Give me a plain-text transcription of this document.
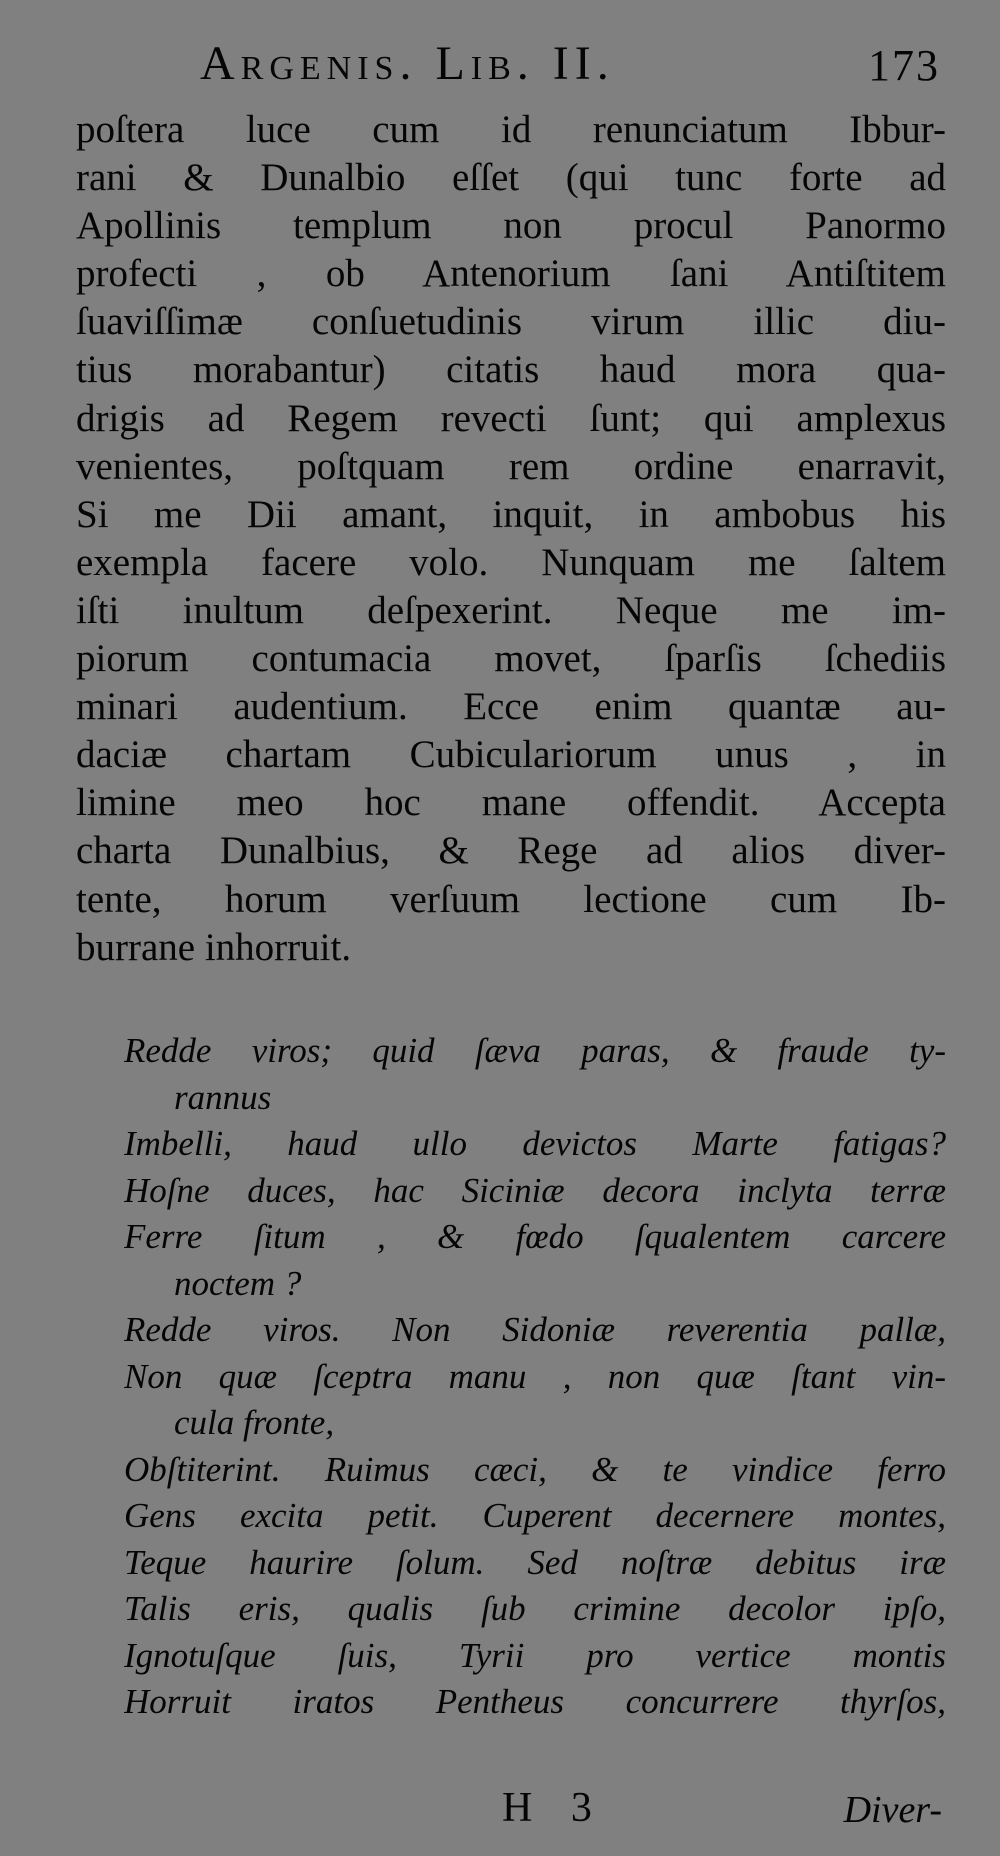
Argenis. Lib. II.	173
poſtera luce cum id renunciatum Ibbur-
rani & Dunalbio eſſet (qui tunc forte ad
Apollinis templum non procul Panormo
profecti , ob Antenorium ſani Antiſtitem
ſuaviſſimæ conſuetudinis virum illic diu-
tius morabantur) citatis haud mora qua-
drigis ad Regem revecti ſunt; qui amplexus
venientes, poſtquam rem ordine enarravit,
Si me Dii amant, inquit, in ambobus his
exempla facere volo. Nunquam me ſaltem
iſti inultum deſpexerint. Neque me im-
piorum contumacia movet, ſparſis ſchediis
minari audentium. Ecce enim quantæ au-
daciæ chartam Cubiculariorum unus , in
limine meo hoc mane offendit. Accepta
charta Dunalbius, & Rege ad alios diver-
tente, horum verſuum lectione cum Ib-
burrane inhorruit.
Redde viros; quid ſæva paras, & fraude ty-
rannus
Imbelli, haud ullo devictos Marte fatigas?
Hoſne duces, hac Siciniæ decora inclyta terræ
Ferre ſitum , & fœdo ſqualentem carcere
noctem ?
Redde viros. Non Sidoniæ reverentia pallæ,
Non quæ ſceptra manu , non quæ ſtant vin-
cula fronte,
Obſtiterint. Ruimus cæci, & te vindice ferro
Gens excita petit. Cuperent decernere montes,
Teque haurire ſolum. Sed noſtræ debitus iræ
Talis eris, qualis ſub crimine decolor ipſo,
Ignotuſque ſuis, Tyrii pro vertice montis
Horruit iratos Pentheus concurrere thyrſos,
H 3	Diver-
